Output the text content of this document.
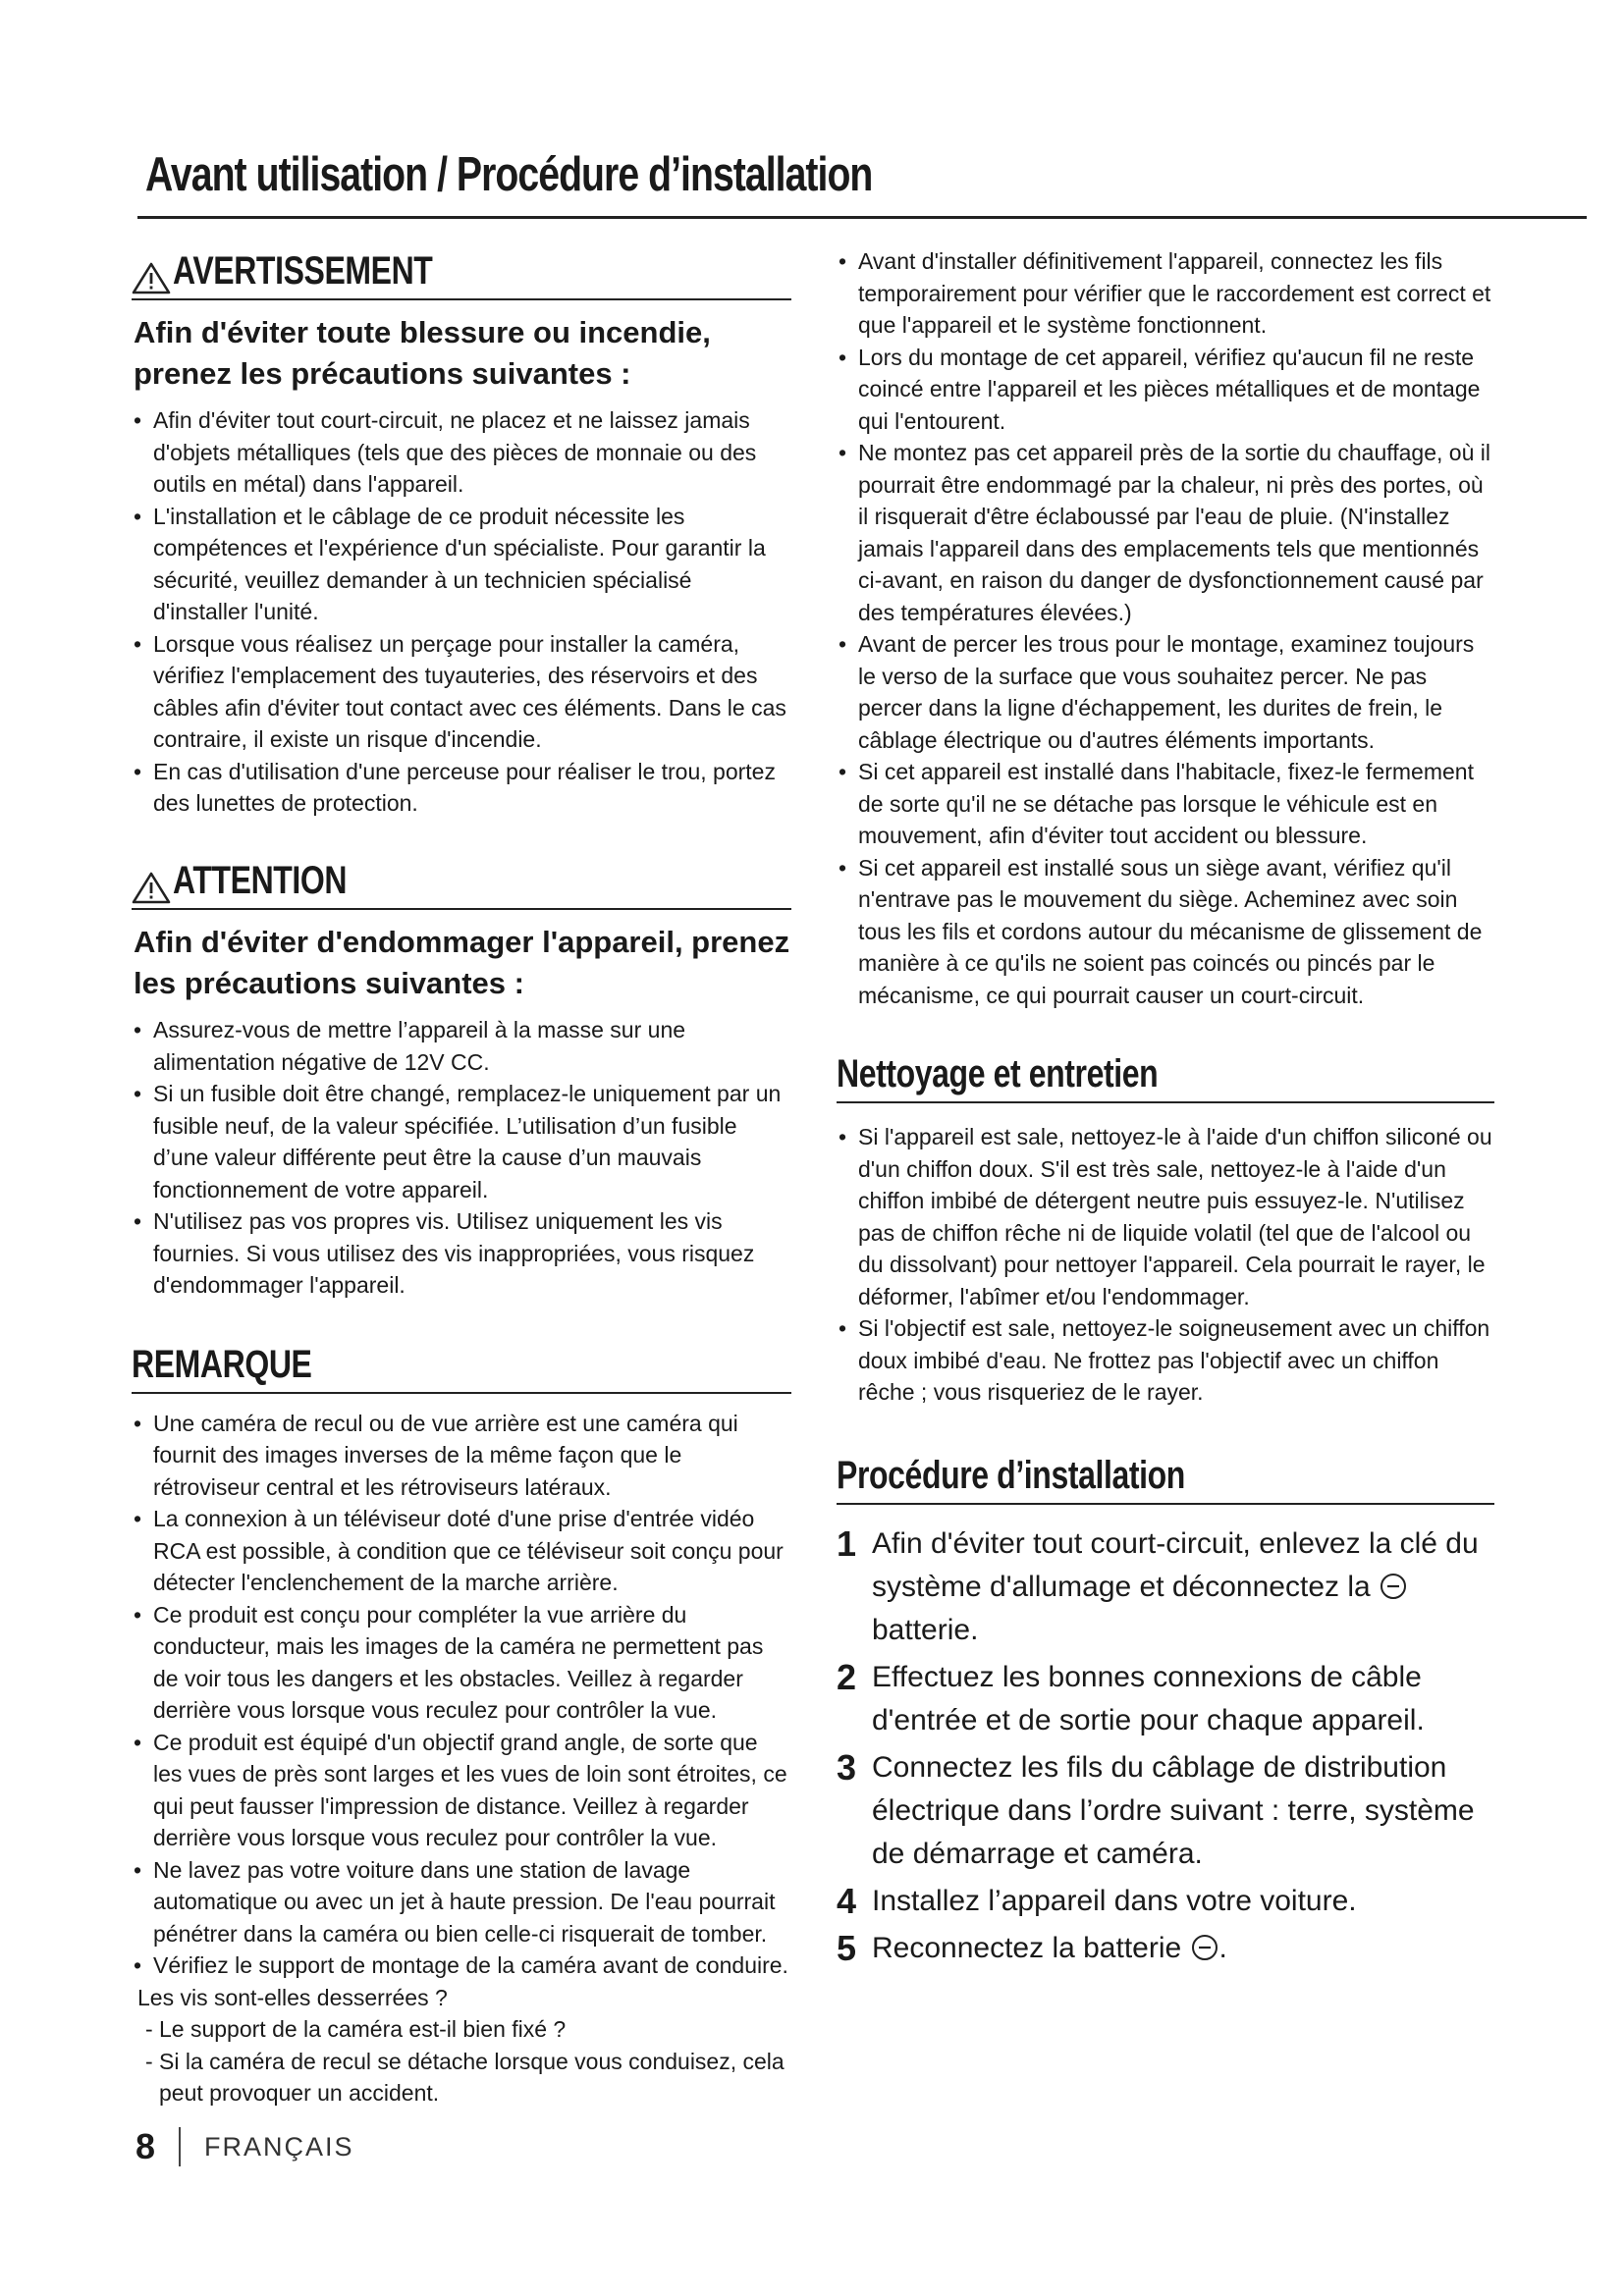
Avant utilisation / Procédure d’installation
AVERTISSEMENT
Afin d'éviter toute blessure ou incendie, prenez les précautions suivantes :
• Afin d'éviter tout court-circuit, ne placez et ne laissez jamais d'objets métalliques (tels que des pièces de monnaie ou des outils en métal) dans l'appareil.
• L'installation et le câblage de ce produit nécessite les compétences et l'expérience d'un spécialiste. Pour garantir la sécurité, veuillez demander à un technicien spécialisé d'installer l'unité.
• Lorsque vous réalisez un perçage pour installer la caméra, vérifiez l'emplacement des tuyauteries, des réservoirs et des câbles afin d'éviter tout contact avec ces éléments. Dans le cas contraire, il existe un risque d'incendie.
• En cas d'utilisation d'une perceuse pour réaliser le trou, portez des lunettes de protection.
ATTENTION
Afin d'éviter d'endommager l'appareil, prenez les précautions suivantes :
• Assurez-vous de mettre l’appareil à la masse sur une alimentation négative de 12V CC.
• Si un fusible doit être changé, remplacez-le uniquement par un fusible neuf, de la valeur spécifiée. L’utilisation d’un fusible d’une valeur différente peut être la cause d’un mauvais fonctionnement de votre appareil.
• N'utilisez pas vos propres vis. Utilisez uniquement les vis fournies. Si vous utilisez des vis inappropriées, vous risquez d'endommager l'appareil.
REMARQUE
• Une caméra de recul ou de vue arrière est une caméra qui fournit des images inverses de la même façon que le rétroviseur central et les rétroviseurs latéraux.
• La connexion à un téléviseur doté d'une prise d'entrée vidéo RCA est possible, à condition que ce téléviseur soit conçu pour détecter l'enclenchement de la marche arrière.
• Ce produit est conçu pour compléter la vue arrière du conducteur, mais les images de la caméra ne permettent pas de voir tous les dangers et les obstacles. Veillez à regarder derrière vous lorsque vous reculez pour contrôler la vue.
• Ce produit est équipé d'un objectif grand angle, de sorte que les vues de près sont larges et les vues de loin sont étroites, ce qui peut fausser l'impression de distance. Veillez à regarder derrière vous lorsque vous reculez pour contrôler la vue.
• Ne lavez pas votre voiture dans une station de lavage automatique ou avec un jet à haute pression. De l'eau pourrait pénétrer dans la caméra ou bien celle-ci risquerait de tomber.
• Vérifiez le support de montage de la caméra avant de conduire.
Les vis sont-elles desserrées ?
- Le support de la caméra est-il bien fixé ?
- Si la caméra de recul se détache lorsque vous conduisez, cela peut provoquer un accident.
• Avant d'installer définitivement l'appareil, connectez les fils temporairement pour vérifier que le raccordement est correct et que l'appareil et le système fonctionnent.
• Lors du montage de cet appareil, vérifiez qu'aucun fil ne reste coincé entre l'appareil et les pièces métalliques et de montage qui l'entourent.
• Ne montez pas cet appareil près de la sortie du chauffage, où il pourrait être endommagé par la chaleur, ni près des portes, où il risquerait d'être éclaboussé par l'eau de pluie. (N'installez jamais l'appareil dans des emplacements tels que mentionnés ci-avant, en raison du danger de dysfonctionnement causé par des températures élevées.)
• Avant de percer les trous pour le montage, examinez toujours le verso de la surface que vous souhaitez percer. Ne pas percer dans la ligne d'échappement, les durites de frein, le câblage électrique ou d'autres éléments importants.
• Si cet appareil est installé dans l'habitacle, fixez-le fermement de sorte qu'il ne se détache pas lorsque le véhicule est en mouvement, afin d'éviter tout accident ou blessure.
• Si cet appareil est installé sous un siège avant, vérifiez qu'il n'entrave pas le mouvement du siège. Acheminez avec soin tous les fils et cordons autour du mécanisme de glissement de manière à ce qu'ils ne soient pas coincés ou pincés par le mécanisme, ce qui pourrait causer un court-circuit.
Nettoyage et entretien
• Si l'appareil est sale, nettoyez-le à l'aide d'un chiffon siliconé ou d'un chiffon doux. S'il est très sale, nettoyez-le à l'aide d'un chiffon imbibé de détergent neutre puis essuyez-le. N'utilisez pas de chiffon rêche ni de liquide volatil (tel que de l'alcool ou du dissolvant) pour nettoyer l'appareil. Cela pourrait le rayer, le déformer, l'abîmer et/ou l'endommager.
• Si l'objectif est sale, nettoyez-le soigneusement avec un chiffon doux imbibé d'eau. Ne frottez pas l'objectif avec un chiffon rêche ; vous risqueriez de le rayer.
Procédure d’installation
1 Afin d'éviter tout court-circuit, enlevez la clé du système d'allumage et déconnectez la  batterie.
2 Effectuez les bonnes connexions de câble d'entrée et de sortie pour chaque appareil.
3 Connectez les fils du câblage de distribution électrique dans l’ordre suivant : terre, système de démarrage et caméra.
4 Installez l’appareil dans votre voiture.
5 Reconnectez la batterie .
8 FRANÇAIS
